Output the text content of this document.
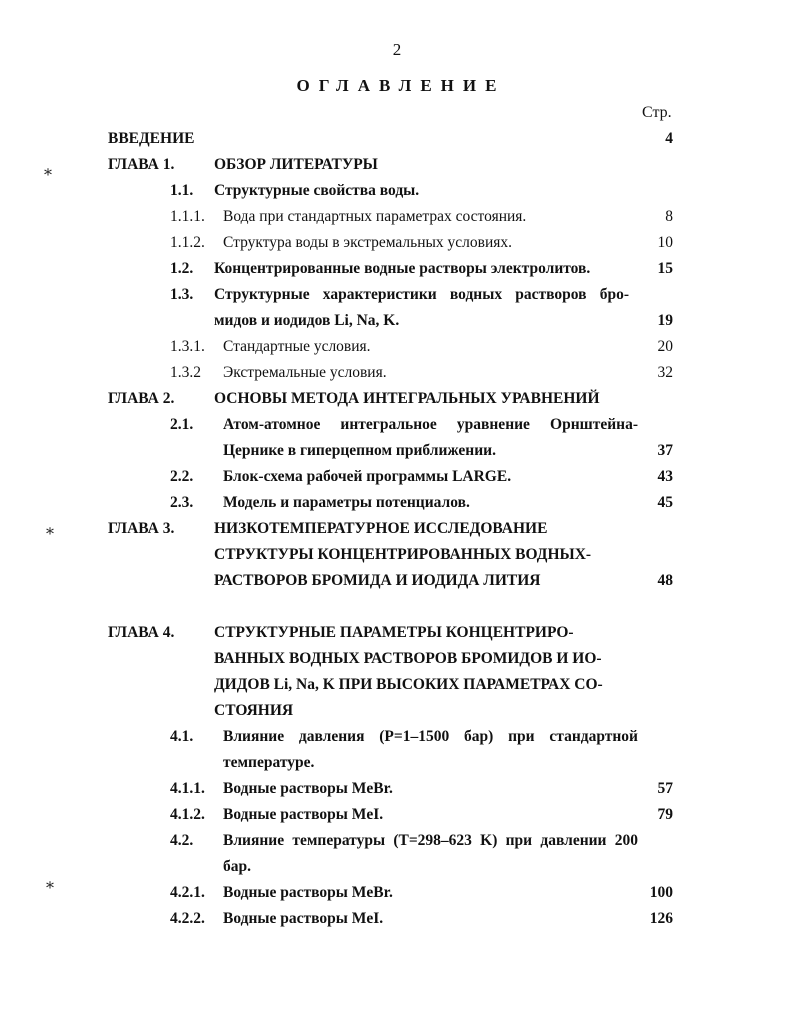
2
ОГЛАВЛЕНИЕ
Стр.
⁎
⁎
⁎
ВВЕДЕНИЕ	4
ГЛАВА 1.	ОБЗОР ЛИТЕРАТУРЫ
1.1. Структурные свойства воды.
1.1.1. Вода при стандартных параметрах состояния.	8
1.1.2. Структура воды в экстремальных условиях.	10
1.2. Концентрированные водные растворы электролитов.	15
1.3. Структурные характеристики водных растворов бро-
мидов и иодидов Li, Na, K.	19
1.3.1. Стандартные условия.	20
1.3.2 Экстремальные условия.	32
ГЛАВА 2.	ОСНОВЫ МЕТОДА ИНТЕГРАЛЬНЫХ УРАВНЕНИЙ
2.1. Атом-атомное интегральное уравнение Орнштейна-
Цернике в гиперцепном приближении.	37
2.2. Блок-схема рабочей программы LARGE.	43
2.3. Модель и параметры потенциалов.	45
ГЛАВА 3.	НИЗКОТЕМПЕРАТУРНОЕ ИССЛЕДОВАНИЕ
СТРУКТУРЫ КОНЦЕНТРИРОВАННЫХ ВОДНЫХ-
РАСТВОРОВ БРОМИДА И ИОДИДА ЛИТИЯ	48
ГЛАВА 4.	СТРУКТУРНЫЕ ПАРАМЕТРЫ КОНЦЕНТРИРО-
ВАННЫХ ВОДНЫХ РАСТВОРОВ БРОМИДОВ И ИО-
ДИДОВ Li, Na, K ПРИ ВЫСОКИХ ПАРАМЕТРАХ СО-
СТОЯНИЯ
4.1. Влияние давления (P=1–1500 бар) при стандартной
температуре.
4.1.1. Водные растворы MeBr.	57
4.1.2. Водные растворы MeI.	79
4.2. Влияние температуры (T=298–623 K) при давлении 200
бар.
4.2.1. Водные растворы MeBr.	100
4.2.2. Водные растворы MeI.	126
